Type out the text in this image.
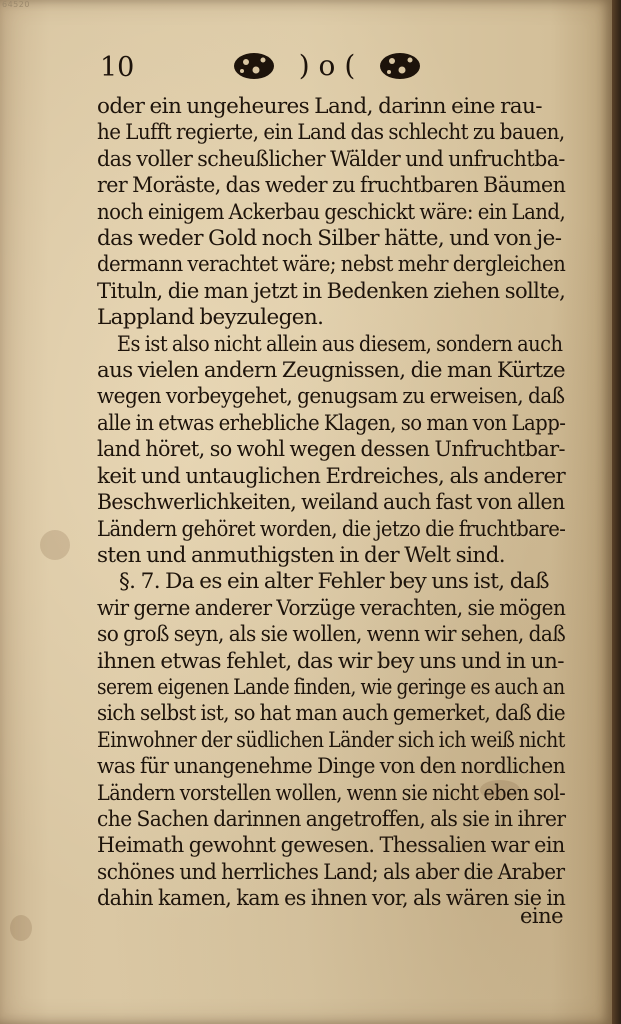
64520
10	) o (
oder ein ungeheures Land, darinn eine rau-
he Lufft regierte, ein Land das schlecht zu bauen,
das voller scheußlicher Wälder und unfruchtba-
rer Moräste, das weder zu fruchtbaren Bäumen
noch einigem Ackerbau geschickt wäre: ein Land,
das weder Gold noch Silber hätte, und von je-
dermann verachtet wäre; nebst mehr dergleichen
Tituln, die man jetzt in Bedenken ziehen sollte,
Lappland beyzulegen.
Es ist also nicht allein aus diesem, sondern auch
aus vielen andern Zeugnissen, die man Kürtze
wegen vorbeygehet, genugsam zu erweisen, daß
alle in etwas erhebliche Klagen, so man von Lapp-
land höret, so wohl wegen dessen Unfruchtbar-
keit und untauglichen Erdreiches, als anderer
Beschwerlichkeiten, weiland auch fast von allen
Ländern gehöret worden, die jetzo die fruchtbare-
sten und anmuthigsten in der Welt sind.
§. 7. Da es ein alter Fehler bey uns ist, daß
wir gerne anderer Vorzüge verachten, sie mögen
so groß seyn, als sie wollen, wenn wir sehen, daß
ihnen etwas fehlet, das wir bey uns und in un-
serem eigenen Lande finden, wie geringe es auch an
sich selbst ist, so hat man auch gemerket, daß die
Einwohner der südlichen Länder sich ich weiß nicht
was für unangenehme Dinge von den nordlichen
Ländern vorstellen wollen, wenn sie nicht eben sol-
che Sachen darinnen angetroffen, als sie in ihrer
Heimath gewohnt gewesen. Thessalien war ein
schönes und herrliches Land; als aber die Araber
dahin kamen, kam es ihnen vor, als wären sie in
eine
